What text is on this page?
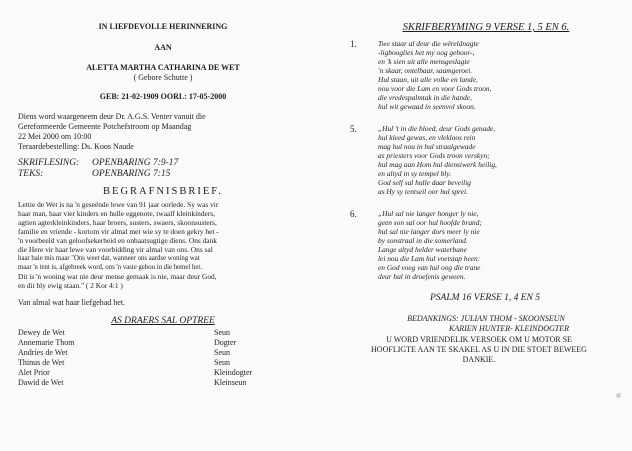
IN LIEFDEVOLLE HERINNERING
AAN
ALETTA MARTHA CATHARINA DE WET
( Gebore Schutte )
GEB: 21-02-1909 OORL: 17-05-2000
Diens word waargeneem deur Dr. A.G.S. Venter vanuit die
Gereformeerde Gemeente Potchefstroom op Maandag
22 Mei 2000 om 10:00
Teraardebestelling: Ds. Koos Naude
SKRIFLESING:	OPENBARING 7:9-17
TEKS:	OPENBARING 7:15
BEGRAFNISBRIEF.
Lettie de Wet is na 'n geseënde lewe van 91 jaar oorlede. Sy was vir
haar man, haar vier kinders en hulle eggenote, twaalf kleinkinders,
agtien agterkleinkinders, haar broers, susters, swaers, skoonsusters,
familie en vriende - kortom vir almal met wie sy te doen gekry het -
'n voorbeeld van geloofsekerheid en onbaatsugtige diens. Ons dank
die Here vir haar lewe van voorbidding vir almal van ons. Ons sal
haar baie mis maar "Ons weet dat, wanneer ons aardse woning wat
maar 'n tent is, afgebreek word, ons 'n vaste gebou in die hemel het.
Dit is 'n woning wat nie deur mense gemaak is nie, maar deur God,
en dit bly ewig staan." ( 2 Kor 4:1 )
Van almal wat haar liefgehad het.
AS DRAERS SAL OPTREE
Dewey de Wet	Seun
Annemarie Thom	Dogter
Andries de Wet	Seun
Thinus de Wet	Seun
Alet Prior	Kleindogter
Dawid de Wet	Kleinseun
SKRIFBERYMING 9 VERSE 1, 5 EN 6.
1.	Twe staar al deur die wêreldnagte
-ligbooglies het my oog gehoor-,
en 'k sien uit alle mensgeslagte
'n skaar, ontelbaar, saamgeroei.
Hul staan, uit alle volke en lande,
nou voor die Lam en voor Gods troon,
die vredespalmtak in die hande,
hul wit gewaad in seenvol skoon.
5.	„Hul 't in die bloed, deur Gods genade,
hul kleed gewas, en vlekloos rein
mag hul nou in hul straalgewade
as priesters voor Gods troon verskyn;
hul mag aan Hom hul diensiwerk heilig,
en altyd in sy tempel bly.
God self sal hulle daar beveilig
as Hy sy tentseil oor hul sprei.
6.	„Hul sal nie langer honger ly nie,
geen son sal oor hul hoofde brand;
hul sal nie langer dors meer ly nie
by sonstraal in die somerland.
Lange altyd helder waterbane
lei nou die Lam hul voetstap heen:
en God voeg van hul oog die trane
deur hul in droefenis geween.
PSALM 16 VERSE 1, 4 EN 5
BEDANKINGS: JULIAN THOM - SKOONSEUN
KARIEN HUNTER- KLEINDOGTER
U WORD VRIENDELIK VERSOEK OM U MOTOR SE
HOOFLIGTE AAN TE SKAKEL AS U IN DIE STOET BEWEEG
DANKIE.
